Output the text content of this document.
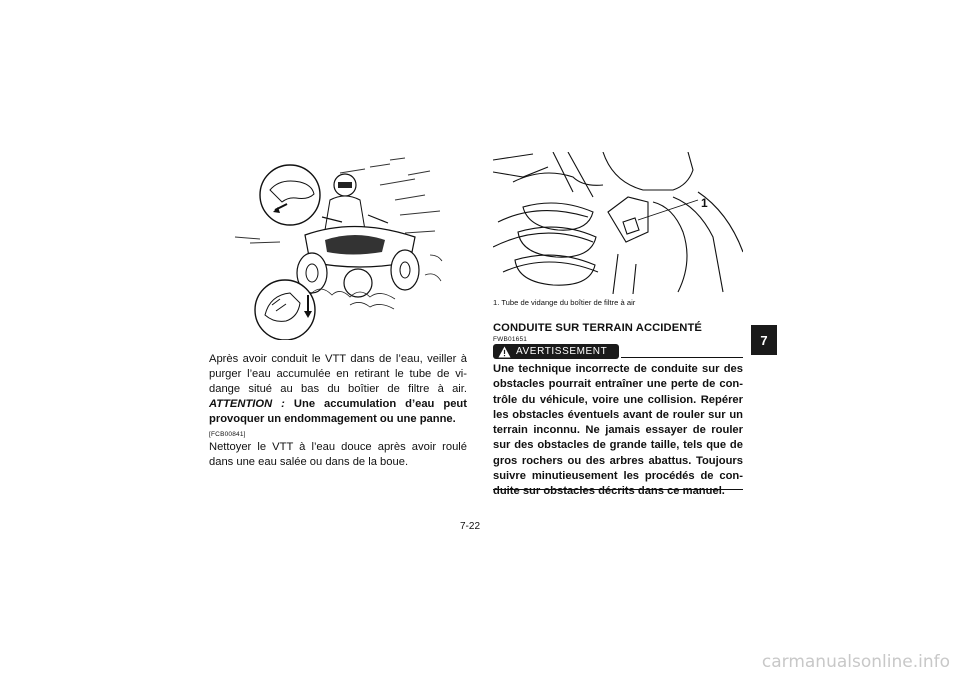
Après avoir conduit le VTT dans de l’eau, veiller à purger l’eau accumulée en retirant le tube de vi-dange situé au bas du boîtier de filtre à air. ATTENTION : Une accumulation d’eau peut provoquer un endommagement ou une panne.

[FCB00841]

Nettoyer le VTT à l’eau douce après avoir roulé dans une eau salée ou dans de la boue.

1
1. Tube de vidange du boîtier de filtre à air
CONDUITE SUR TERRAIN ACCIDENTÉ
FWB01651
AVERTISSEMENT
Une technique incorrecte de conduite sur des obstacles pourrait entraîner une perte de con-trôle du véhicule, voire une collision. Repérer les obstacles éventuels avant de rouler sur un terrain inconnu. Ne jamais essayer de rouler sur des obstacles de grande taille, tels que de gros rochers ou des arbres abattus. Toujours suivre minutieusement les procédés de con-duite sur obstacles décrits dans ce manuel.
7-22
7
carmanualsonline.info
